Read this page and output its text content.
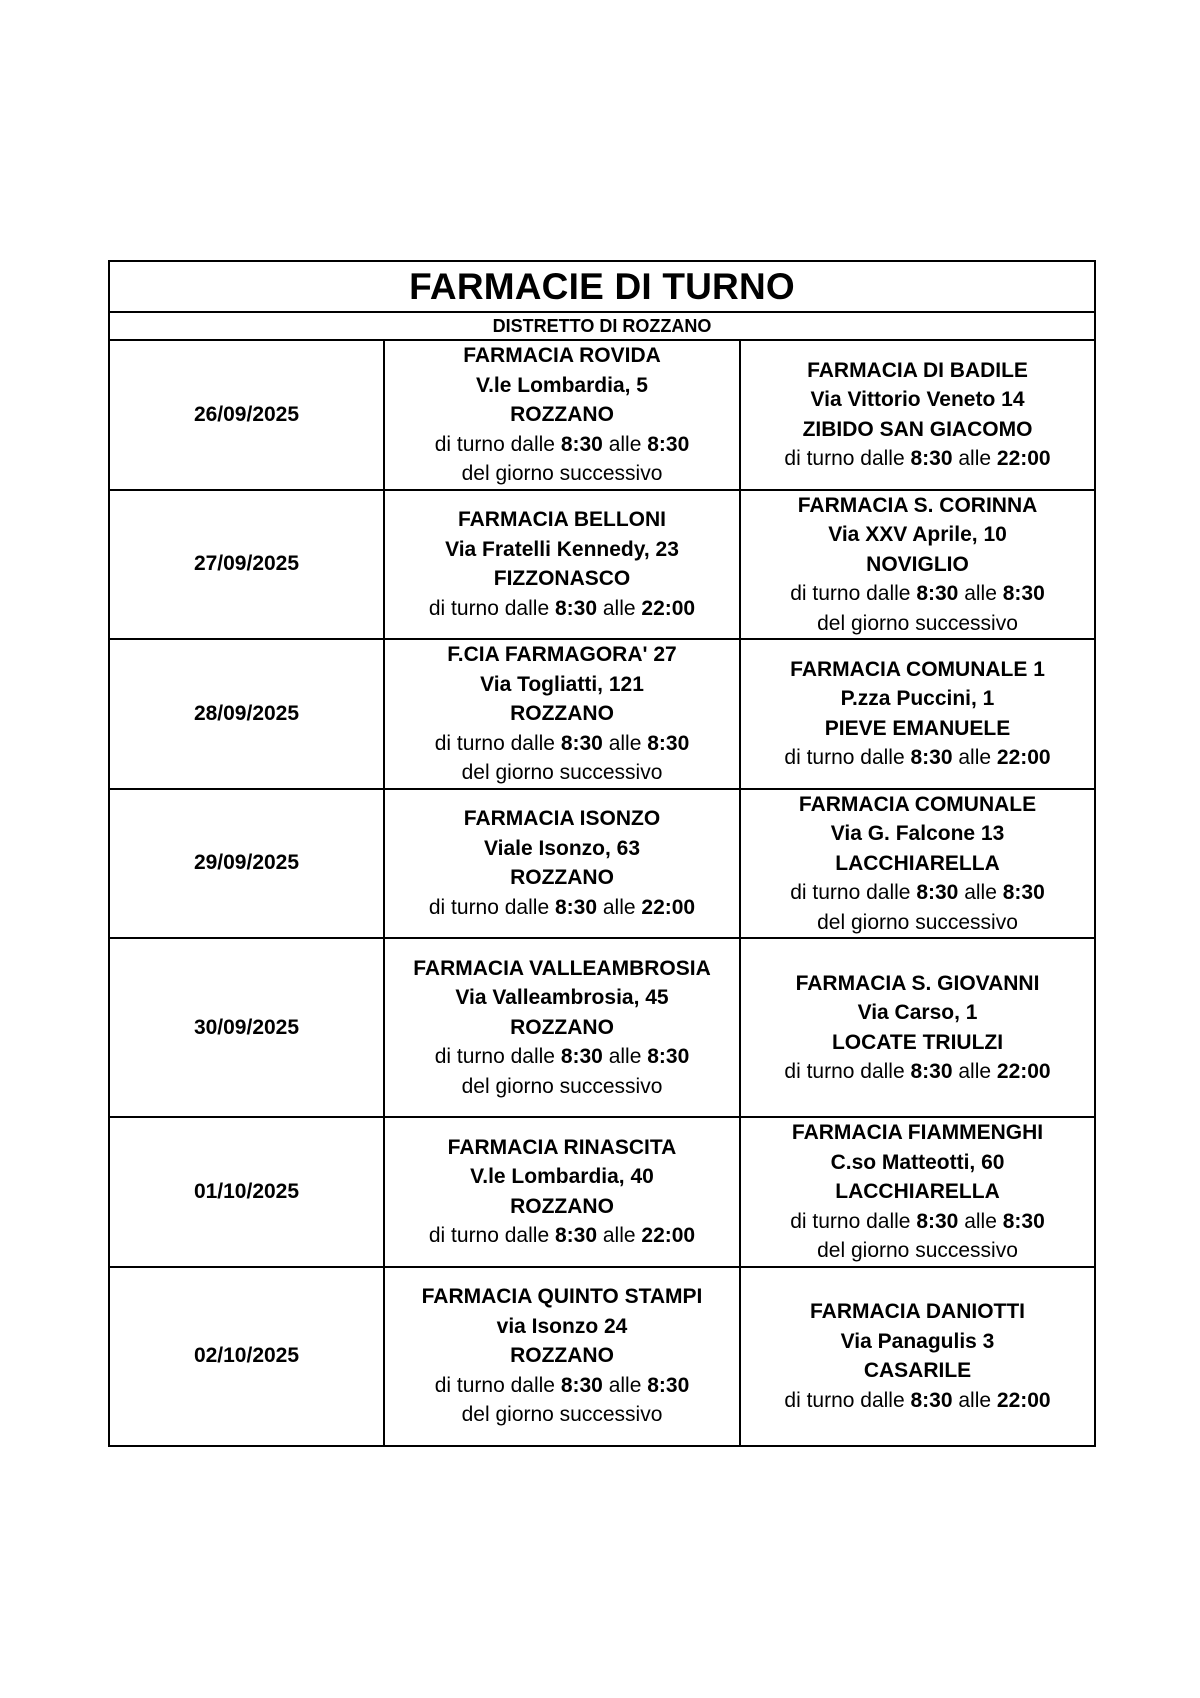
FARMACIE DI TURNO		
DISTRETTO DI ROZZANO		
26/09/2025	FARMACIA ROVIDA
V.le Lombardia, 5
ROZZANO
di turno dalle 8:30 alle 8:30
del giorno successivo	FARMACIA DI BADILE
Via Vittorio Veneto 14
ZIBIDO SAN GIACOMO
di turno dalle 8:30 alle 22:00

27/09/2025	FARMACIA BELLONI
Via Fratelli Kennedy, 23
FIZZONASCO
di turno dalle 8:30 alle 22:00	FARMACIA S. CORINNA
Via XXV Aprile, 10
NOVIGLIO
di turno dalle 8:30 alle 8:30
del giorno successivo

28/09/2025	F.CIA FARMAGORA' 27
Via Togliatti, 121
ROZZANO
di turno dalle 8:30 alle 8:30
del giorno successivo	FARMACIA COMUNALE 1
P.zza Puccini, 1
PIEVE EMANUELE
di turno dalle 8:30 alle 22:00

29/09/2025	FARMACIA ISONZO
Viale Isonzo, 63
ROZZANO
di turno dalle 8:30 alle 22:00	FARMACIA COMUNALE
Via G. Falcone 13
LACCHIARELLA
di turno dalle 8:30 alle 8:30
del giorno successivo

30/09/2025	FARMACIA VALLEAMBROSIA
Via Valleambrosia, 45
ROZZANO
di turno dalle 8:30 alle 8:30
del giorno successivo	FARMACIA S. GIOVANNI
Via Carso, 1
LOCATE TRIULZI
di turno dalle 8:30 alle 22:00

01/10/2025	FARMACIA RINASCITA
V.le Lombardia, 40
ROZZANO
di turno dalle 8:30 alle 22:00	FARMACIA FIAMMENGHI
C.so Matteotti, 60
LACCHIARELLA
di turno dalle 8:30 alle 8:30
del giorno successivo

02/10/2025	FARMACIA QUINTO STAMPI
via Isonzo 24
ROZZANO
di turno dalle 8:30 alle 8:30
del giorno successivo	FARMACIA DANIOTTI
Via Panagulis 3
CASARILE
di turno dalle 8:30 alle 22:00
